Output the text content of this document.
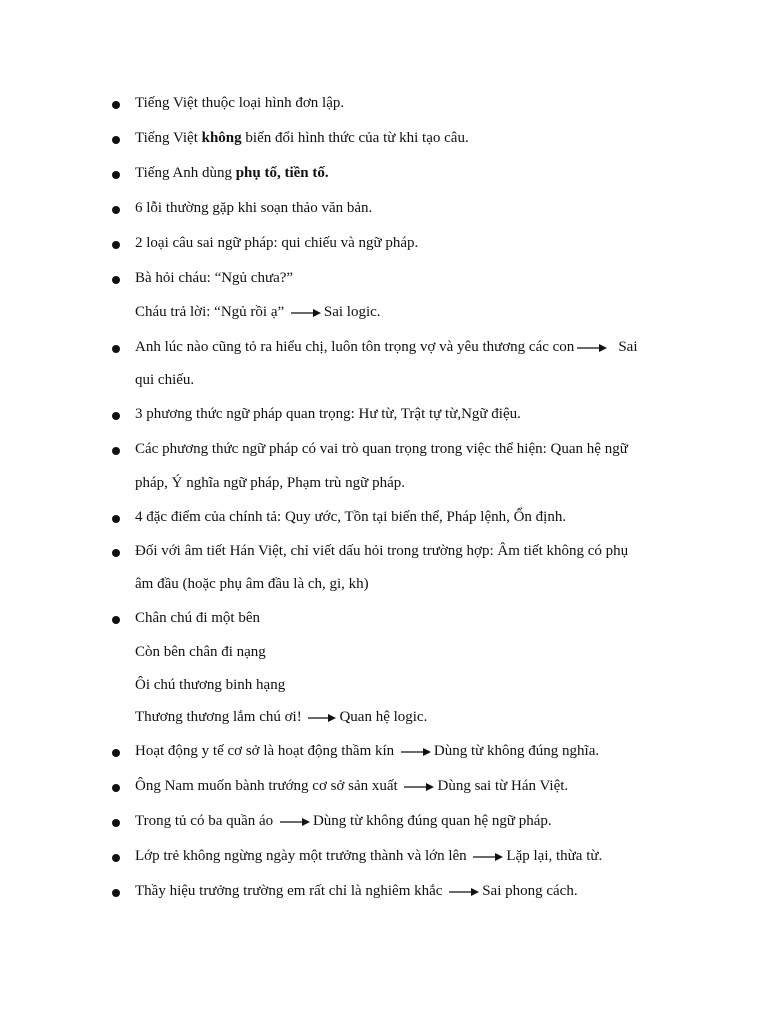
Tiếng Việt thuộc loại hình đơn lập.
Tiếng Việt không biến đổi hình thức của từ khi tạo câu.
Tiếng Anh dùng phụ tố, tiền tố.
6 lỗi thường gặp khi soạn thảo văn bản.
2 loại câu sai ngữ pháp: qui chiếu và ngữ pháp.
Bà hỏi cháu: “Ngủ chưa?”
Cháu trả lời: “Ngủ rồi ạ” Sai logic.
Anh lúc nào cũng tỏ ra hiểu chị, luôn tôn trọng vợ và yêu thương các con	Sai
qui chiếu.
3 phương thức ngữ pháp quan trọng: Hư từ, Trật tự từ,Ngữ điệu.
Các phương thức ngữ pháp có vai trò quan trọng trong việc thể hiện: Quan hệ ngữ
pháp, Ý nghĩa ngữ pháp, Phạm trù ngữ pháp.
4 đặc điểm của chính tả: Quy ước, Tồn tại biến thể, Pháp lệnh, Ổn định.
Đối với âm tiết Hán Việt, chỉ viết dấu hỏi trong trường hợp: Âm tiết không có phụ
âm đầu (hoặc phụ âm đầu là ch, gi, kh)
Chân chú đi một bên
Còn bên chân đi nạng
Ôi chú thương binh hạng
Thương thương lắm chú ơi! Quan hệ logic.
Hoạt động y tế cơ sở là hoạt động thầm kín Dùng từ không đúng nghĩa.
Ông Nam muốn bành trướng cơ sở sản xuất Dùng sai từ Hán Việt.
Trong tủ có ba quần áo Dùng từ không đúng quan hệ ngữ pháp.
Lớp trẻ không ngừng ngày một trưởng thành và lớn lên Lặp lại, thừa từ.
Thầy hiệu trưởng trường em rất chỉ là nghiêm khắc Sai phong cách.
